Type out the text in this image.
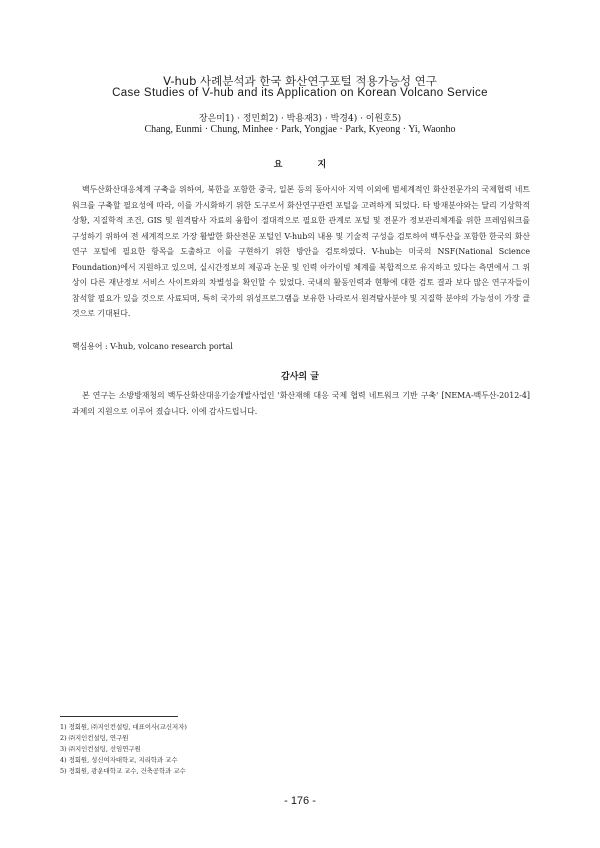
V-hub 사례분석과 한국 화산연구포털 적용가능성 연구
Case Studies of V-hub and its Application on Korean Volcano Service
장은미1) · 정민희2) · 박용재3) · 박경4) · 이원호5)
Chang, Eunmi · Chung, Minhee · Park, Yongjae · Park, Kyeong · Yi, Waonho
요 지
백두산화산대응체계 구축을 위하여, 북한을 포함한 중국, 일본 등의 동아시아 지역 이외에 범세계적인 화산전문가의 국제협력 네트워크를 구축할 필요성에 따라, 이를 가시화하기 위한 도구로서 화산연구관련 포털을 고려하게 되었다. 타 방재분야와는 달리 기상학적 상황, 지질학적 조건, GIS 및 원격탐사 자료의 융합이 절대적으로 필요한 관계로 포털 및 전문가 정보관리체계를 위한 프레임워크를 구성하기 위하여 전 세계적으로 가장 활발한 화산전문 포털인 V-hub의 내용 및 기술적 구성을 검토하여 백두산을 포함한 한국의 화산연구 포털에 필요한 항목을 도출하고 이를 구현하기 위한 방안을 검토하였다. V-hub는 미국의 NSF(National Science Foundation)에서 지원하고 있으며, 실시간정보의 제공과 논문 및 인력 아카이빙 체계를 복합적으로 유지하고 있다는 측면에서 그 위상이 다른 재난정보 서비스 사이트와의 차별성을 확인할 수 있었다. 국내의 활동인력과 현황에 대한 검토 결과 보다 많은 연구자들이 참석할 필요가 있을 것으로 사료되며, 특히 국가의 위성프로그램을 보유한 나라로서 원격탐사분야 및 지질학 분야의 가능성이 가장 클 것으로 기대된다.
핵심용어 : V-hub, volcano research portal
감사의 글
본 연구는 소방방재청의 백두산화산대응기술개발사업인 '화산재해 대응 국제 협력 네트워크 기반 구축' [NEMA-백두산-2012-4]과제의 지원으로 이루어 졌습니다. 이에 감사드립니다.
1) 정회원, ㈜지인컨설팅, 대표이사(교신저자)
2) ㈜지인컨설팅, 연구원
3) ㈜지인컨설팅, 선임연구원
4) 정회원, 성신여자대학교, 지리학과 교수
5) 정회원, 광운대학교 교수, 건축공학과 교수
- 176 -
